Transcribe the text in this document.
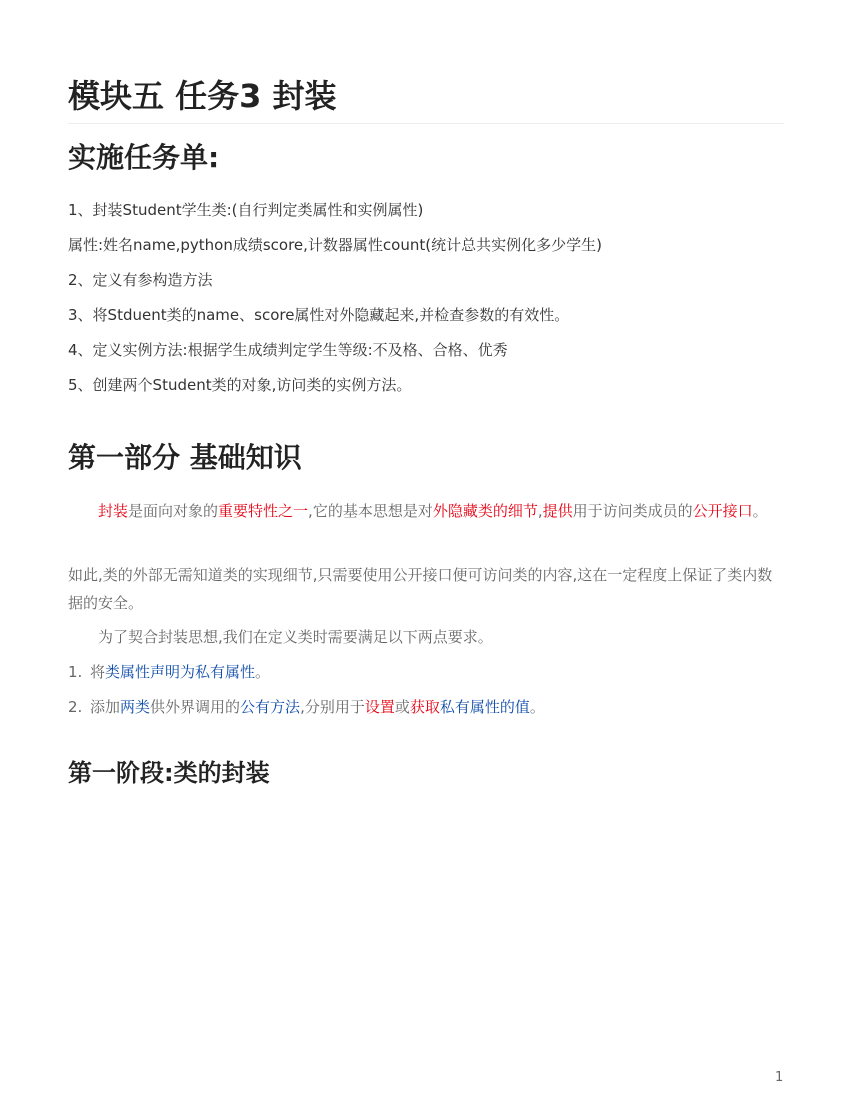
模块五 任务3 封装
实施任务单:
1、封装Student学生类:(自行判定类属性和实例属性)
属性:姓名name,python成绩score,计数器属性count(统计总共实例化多少学生)
2、定义有参构造方法
3、将Stduent类的name、score属性对外隐藏起来,并检查参数的有效性。
4、定义实例方法:根据学生成绩判定学生等级:不及格、合格、优秀
5、创建两个Student类的对象,访问类的实例方法。
第一部分 基础知识
封装是面向对象的重要特性之一,它的基本思想是对外隐藏类的细节,提供用于访问类成员的公开接口。
如此,类的外部无需知道类的实现细节,只需要使用公开接口便可访问类的内容,这在一定程度上保证了类内数据的安全。
为了契合封装思想,我们在定义类时需要满足以下两点要求。
1. 将类属性声明为私有属性。
2. 添加两类供外界调用的公有方法,分别用于设置或获取私有属性的值。
第一阶段:类的封装
1
